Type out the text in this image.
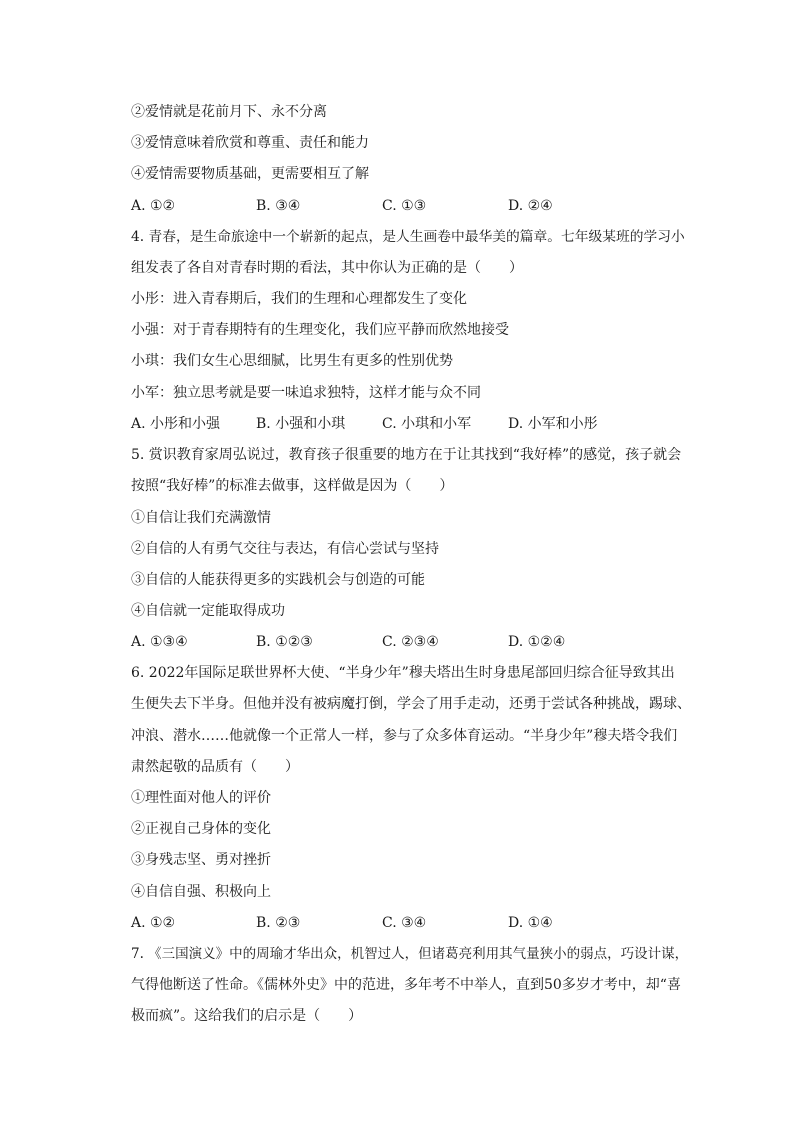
②爱情就是花前月下、永不分离
③爱情意味着欣赏和尊重、责任和能力
④爱情需要物质基础，更需要相互了解
A. ①②	B. ③④	C. ①③	D. ②④
4. 青春，是生命旅途中一个崭新的起点，是人生画卷中最华美的篇章。七年级某班的学习小
组发表了各自对青春时期的看法，其中你认为正确的是（　　）
小彤：进入青春期后，我们的生理和心理都发生了变化
小强：对于青春期特有的生理变化，我们应平静而欣然地接受
小琪：我们女生心思细腻，比男生有更多的性别优势
小军：独立思考就是要一味追求独特，这样才能与众不同
A. 小彤和小强	B. 小强和小琪	C. 小琪和小军	D. 小军和小彤
5. 赏识教育家周弘说过，教育孩子很重要的地方在于让其找到“我好棒”的感觉，孩子就会
按照“我好棒”的标准去做事，这样做是因为（　　）
①自信让我们充满激情
②自信的人有勇气交往与表达，有信心尝试与坚持
③自信的人能获得更多的实践机会与创造的可能
④自信就一定能取得成功
A. ①③④	B. ①②③	C. ②③④	D. ①②④
6. 2022年国际足联世界杯大使、“半身少年”穆夫塔出生时身患尾部回归综合征导致其出
生便失去下半身。但他并没有被病魔打倒，学会了用手走动，还勇于尝试各种挑战，踢球、
冲浪、潜水……他就像一个正常人一样，参与了众多体育运动。“半身少年”穆夫塔令我们
肃然起敬的品质有（　　）
①理性面对他人的评价
②正视自己身体的变化
③身残志坚、勇对挫折
④自信自强、积极向上
A. ①②	B. ②③	C. ③④	D. ①④
7. 《三国演义》中的周瑜才华出众，机智过人，但诸葛亮利用其气量狭小的弱点，巧设计谋，
气得他断送了性命。《儒林外史》中的范进，多年考不中举人，直到50多岁才考中，却“喜
极而疯”。这给我们的启示是（　　）
